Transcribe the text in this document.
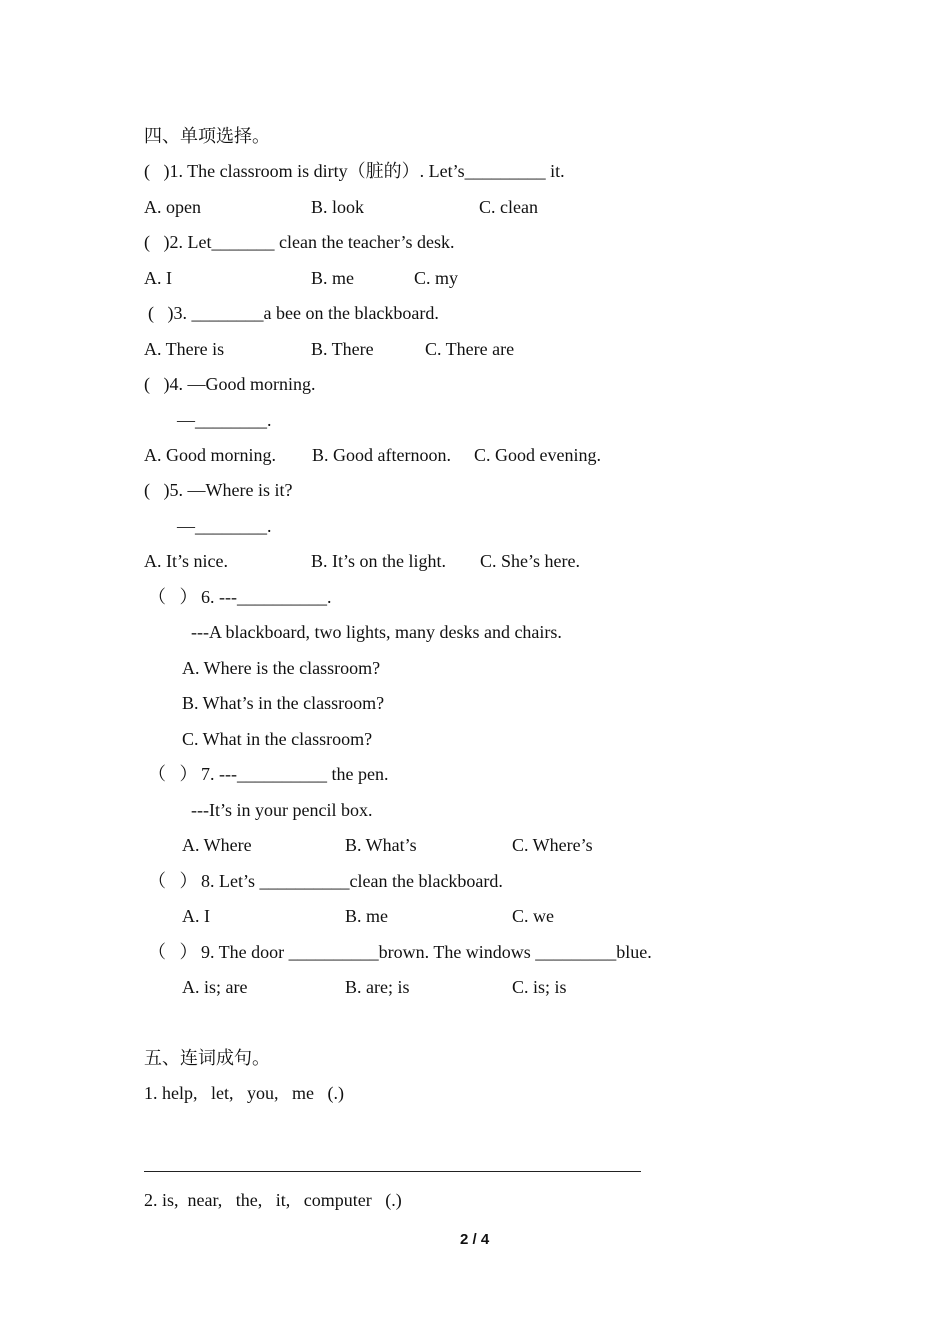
四、单项选择。
(   )1. The classroom is dirty（脏的）. Let’s_________ it.
A. open	B. look	C. clean
(   )2. Let_______ clean the teacher’s desk.
A. I	B. me	C. my
(   )3. ________a bee on the blackboard.
A. There is	B. There	C. There are
(   )4. —Good morning.
—________.
A. Good morning. B. Good afternoon. C. Good evening.
(   )5. —Where is it?
—________.
A. It’s nice.	B. It’s on the light. C. She’s here.
（   ） 6. ---__________.
---A blackboard, two lights, many desks and chairs.
A. Where is the classroom?
B. What’s in the classroom?
C. What in the classroom?
（   ） 7. ---__________ the pen.
---It’s in your pencil box.
A. Where	B. What’s	C. Where’s
（   ） 8. Let’s __________clean the blackboard.
A. I	B. me	C. we
（   ） 9. The door __________brown. The windows _________blue.
A. is; are	B. are; is	C. is; is
五、连词成句。
1. help,   let,   you,   me   (.)
2. is,  near,   the,   it,   computer   (.)
2 / 4
